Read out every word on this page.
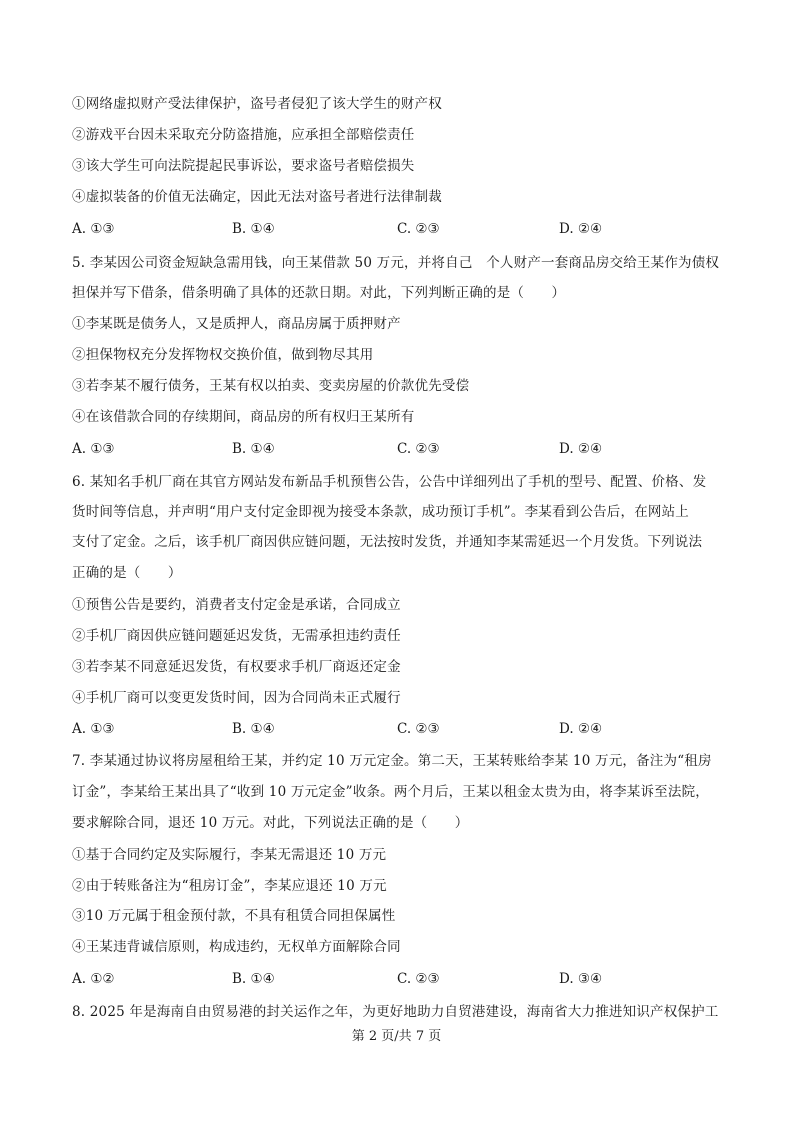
①网络虚拟财产受法律保护，盗号者侵犯了该大学生的财产权
②游戏平台因未采取充分防盗措施，应承担全部赔偿责任
③该大学生可向法院提起民事诉讼，要求盗号者赔偿损失
④虚拟装备的价值无法确定，因此无法对盗号者进行法律制裁
A. ①③	B. ①④	C. ②③	D. ②④
5. 李某因公司资金短缺急需用钱，向王某借款 50 万元，并将自己　个人财产一套商品房交给王某作为债权
担保并写下借条，借条明确了具体的还款日期。对此，下列判断正确的是（　　）
①李某既是债务人，又是质押人，商品房属于质押财产
②担保物权充分发挥物权交换价值，做到物尽其用
③若李某不履行债务，王某有权以拍卖、变卖房屋的价款优先受偿
④在该借款合同的存续期间，商品房的所有权归王某所有
A. ①③	B. ①④	C. ②③	D. ②④
6. 某知名手机厂商在其官方网站发布新品手机预售公告，公告中详细列出了手机的型号、配置、价格、发
货时间等信息，并声明“用户支付定金即视为接受本条款，成功预订手机”。李某看到公告后，在网站上
支付了定金。之后，该手机厂商因供应链问题，无法按时发货，并通知李某需延迟一个月发货。下列说法
正确的是（　　）
①预售公告是要约，消费者支付定金是承诺，合同成立
②手机厂商因供应链问题延迟发货，无需承担违约责任
③若李某不同意延迟发货，有权要求手机厂商返还定金
④手机厂商可以变更发货时间，因为合同尚未正式履行
A. ①③	B. ①④	C. ②③	D. ②④
7. 李某通过协议将房屋租给王某，并约定 10 万元定金。第二天，王某转账给李某 10 万元，备注为“租房
订金”，李某给王某出具了“收到 10 万元定金”收条。两个月后，王某以租金太贵为由，将李某诉至法院，
要求解除合同，退还 10 万元。对此，下列说法正确的是（　　）
①基于合同约定及实际履行，李某无需退还 10 万元
②由于转账备注为“租房订金”，李某应退还 10 万元
③10 万元属于租金预付款，不具有租赁合同担保属性
④王某违背诚信原则，构成违约，无权单方面解除合同
A. ①②	B. ①④	C. ②③	D. ③④
8. 2025 年是海南自由贸易港的封关运作之年，为更好地助力自贸港建设，海南省大力推进知识产权保护工
第 2 页/共 7 页
